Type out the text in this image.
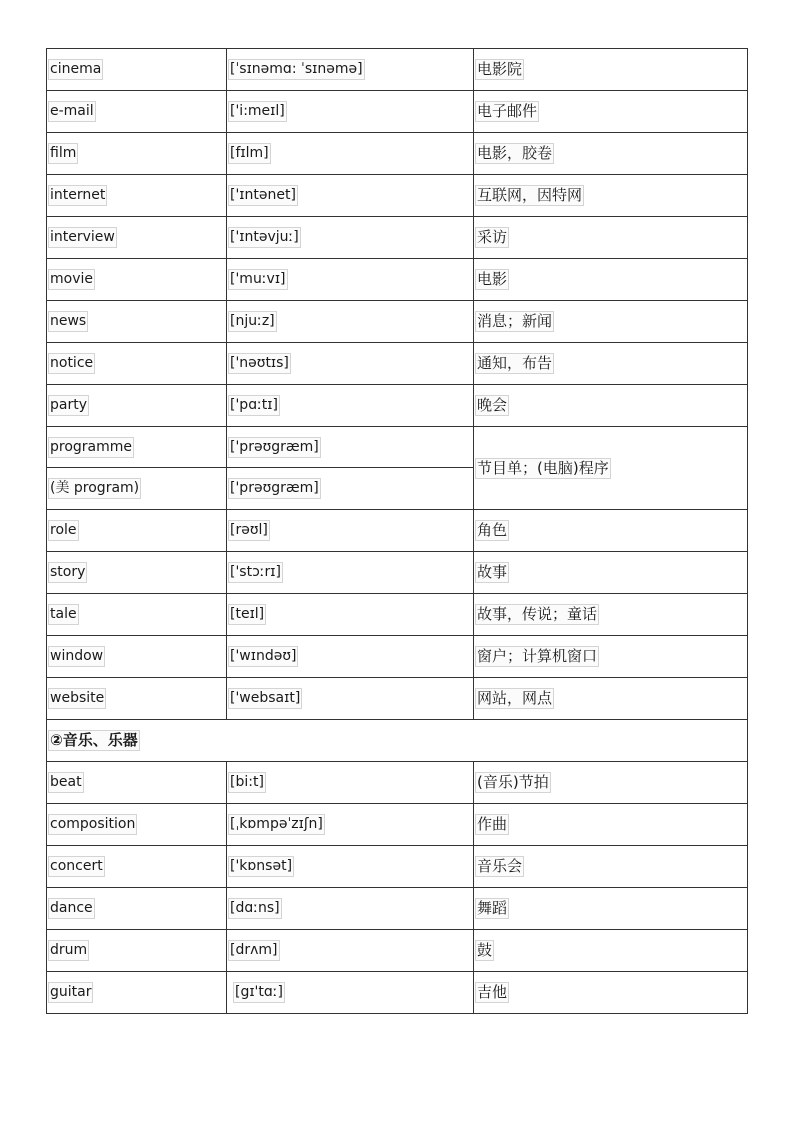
cinema	[ˈsɪnəmɑ: ˈsɪnəmə]	电影院
e-mail	['i:meɪl]	电子邮件
film	[fɪlm]	电影，胶卷
internet	['ɪntənet]	互联网，因特网
interview	['ɪntəvjuː]	采访
movie	['muːvɪ]	电影
news	[njuːz]	消息；新闻
notice	['nəʊtɪs]	通知，布告
party	['pɑːtɪ]	晚会
programme	['prəʊgræm]	节目单；(电脑)程序
(美 program)	['prəʊgræm]	
role	[rəʊl]	角色
story	['stɔːrɪ]	故事
tale	[teɪl]	故事，传说；童话
window	['wɪndəʊ]	窗户；计算机窗口
website	['websaɪt]	网站，网点
②音乐、乐器		
beat	[bi:t]	(音乐)节拍
composition	[ˌkɒmpəˈzɪʃn]	作曲
concert	['kɒnsət]	音乐会
dance	[dɑːns]	舞蹈
drum	[drʌm]	鼓
guitar	[gɪ'tɑː]	吉他
